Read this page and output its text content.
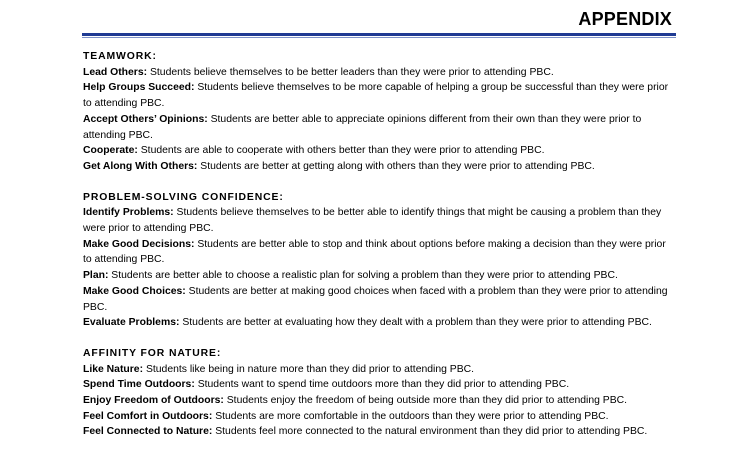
APPENDIX

TEAMWORK:

Lead Others: Students believe themselves to be better leaders than they were prior to attending PBC.

Help Groups Succeed: Students believe themselves to be more capable of helping a group be successful than they were prior to attending PBC.

Accept Others’ Opinions: Students are better able to appreciate opinions different from their own than they were prior to attending PBC.

Cooperate: Students are able to cooperate with others better than they were prior to attending PBC.

Get Along With Others: Students are better at getting along with others than they were prior to attending PBC.

PROBLEM-SOLVING CONFIDENCE:

Identify Problems: Students believe themselves to be better able to identify things that might be causing a problem than they were prior to attending PBC.

Make Good Decisions: Students are better able to stop and think about options before making a decision than they were prior to attending PBC.

Plan: Students are better able to choose a realistic plan for solving a problem than they were prior to attending PBC.

Make Good Choices: Students are better at making good choices when faced with a problem than they were prior to attending PBC.

Evaluate Problems: Students are better at evaluating how they dealt with a problem than they were prior to attending PBC.

AFFINITY FOR NATURE:

Like Nature: Students like being in nature more than they did prior to attending PBC.

Spend Time Outdoors: Students want to spend time outdoors more than they did prior to attending PBC.

Enjoy Freedom of Outdoors: Students enjoy the freedom of being outside more than they did prior to attending PBC.

Feel Comfort in Outdoors: Students are more comfortable in the outdoors than they were prior to attending PBC.

Feel Connected to Nature: Students feel more connected to the natural environment than they did prior to attending PBC.
